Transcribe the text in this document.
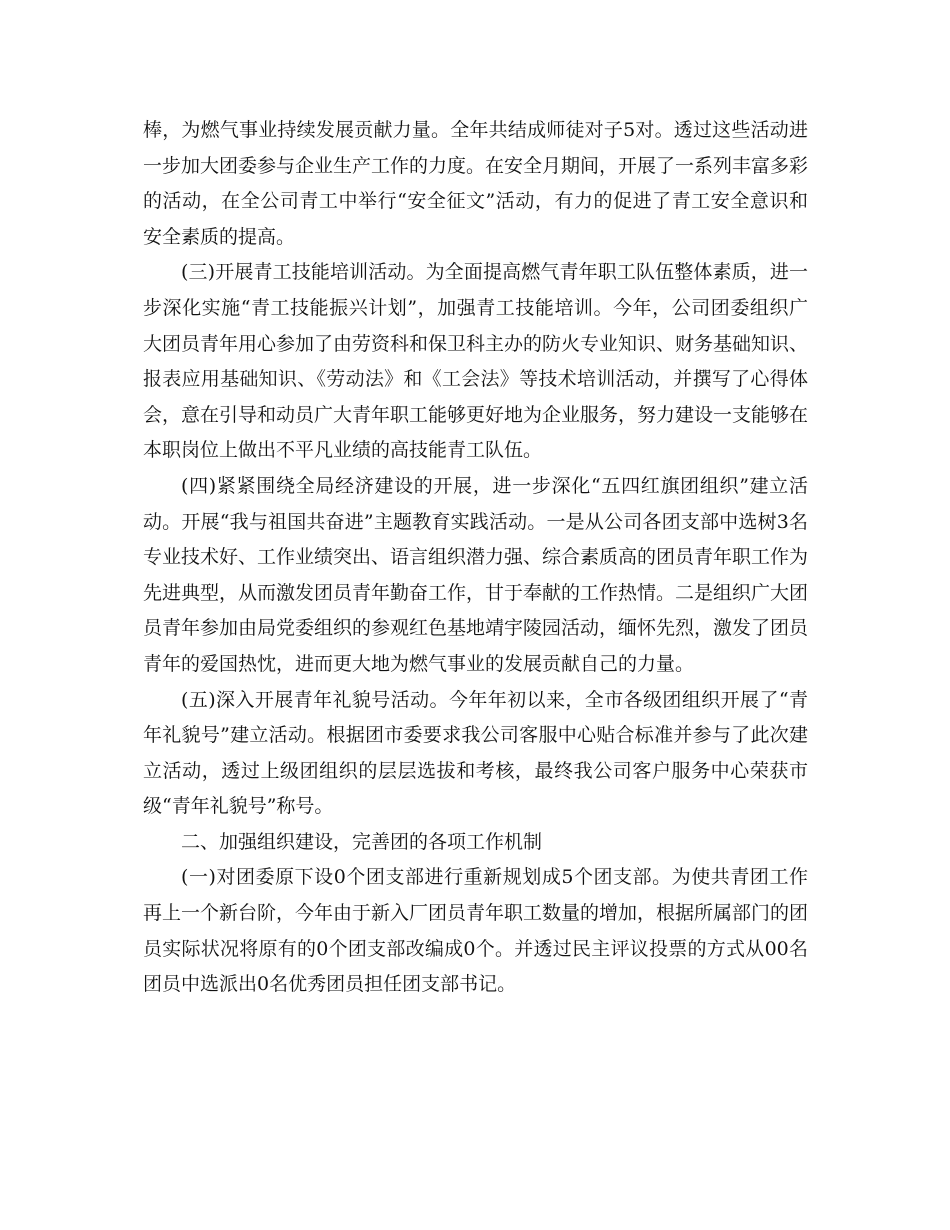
棒，为燃气事业持续发展贡献力量。全年共结成师徒对子5对。透过这些活动进一步加大团委参与企业生产工作的力度。在安全月期间，开展了一系列丰富多彩的活动，在全公司青工中举行“安全征文”活动，有力的促进了青工安全意识和安全素质的提高。

(三)开展青工技能培训活动。为全面提高燃气青年职工队伍整体素质，进一步深化实施“青工技能振兴计划”，加强青工技能培训。今年，公司团委组织广大团员青年用心参加了由劳资科和保卫科主办的防火专业知识、财务基础知识、报表应用基础知识、《劳动法》和《工会法》等技术培训活动，并撰写了心得体会，意在引导和动员广大青年职工能够更好地为企业服务，努力建设一支能够在本职岗位上做出不平凡业绩的高技能青工队伍。

(四)紧紧围绕全局经济建设的开展，进一步深化“五四红旗团组织”建立活动。开展“我与祖国共奋进”主题教育实践活动。一是从公司各团支部中选树3名专业技术好、工作业绩突出、语言组织潜力强、综合素质高的团员青年职工作为先进典型，从而激发团员青年勤奋工作，甘于奉献的工作热情。二是组织广大团员青年参加由局党委组织的参观红色基地靖宇陵园活动，缅怀先烈，激发了团员青年的爱国热忱，进而更大地为燃气事业的发展贡献自己的力量。

(五)深入开展青年礼貌号活动。今年年初以来，全市各级团组织开展了“青年礼貌号”建立活动。根据团市委要求我公司客服中心贴合标准并参与了此次建立活动，透过上级团组织的层层选拔和考核，最终我公司客户服务中心荣获市级“青年礼貌号”称号。

二、加强组织建设，完善团的各项工作机制

(一)对团委原下设0个团支部进行重新规划成5个团支部。为使共青团工作再上一个新台阶，今年由于新入厂团员青年职工数量的增加，根据所属部门的团员实际状况将原有的0个团支部改编成0个。并透过民主评议投票的方式从00名团员中选派出0名优秀团员担任团支部书记。
